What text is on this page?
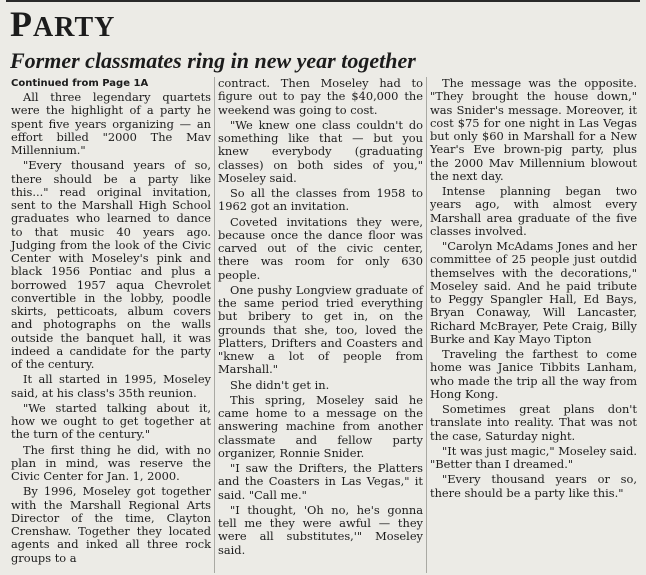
PARTY
Former classmates ring in new year together
Continued from Page 1A

All three legendary quartets were the highlight of a party he spent five years organizing — an effort billed "2000 The Mav Millennium."

"Every thousand years of so, there should be a party like this..." read original invitation, sent to the Marshall High School graduates who learned to dance to that music 40 years ago. Judging from the look of the Civic Center with Moseley's pink and black 1956 Pontiac and plus a borrowed 1957 aqua Chevrolet convertible in the lobby, poodle skirts, petticoats, album covers and photographs on the walls outside the banquet hall, it was indeed a candidate for the party of the century.

It all started in 1995, Moseley said, at his class's 35th reunion.

"We started talking about it, how we ought to get together at the turn of the century."

The first thing he did, with no plan in mind, was reserve the Civic Center for Jan. 1, 2000.

By 1996, Moseley got together with the Marshall Regional Arts Director of the time, Clayton Crenshaw. Together they located agents and inked all three rock groups to a

contract. Then Moseley had to figure out to pay the $40,000 the weekend was going to cost.

"We knew one class couldn't do something like that — but you knew everybody (graduating classes) on both sides of you," Moseley said.

So all the classes from 1958 to 1962 got an invitation.

Coveted invitations they were, because once the dance floor was carved out of the civic center, there was room for only 630 people.

One pushy Longview graduate of the same period tried everything but bribery to get in, on the grounds that she, too, loved the Platters, Drifters and Coasters and "knew a lot of people from Marshall."

She didn't get in.

This spring, Moseley said he came home to a message on the answering machine from another classmate and fellow party organizer, Ronnie Snider.

"I saw the Drifters, the Platters and the Coasters in Las Vegas," it said. "Call me."

"I thought, 'Oh no, he's gonna tell me they were awful — they were all substitutes,'" Moseley said.

The message was the opposite. "They brought the house down," was Snider's message. Moreover, it cost $75 for one night in Las Vegas but only $60 in Marshall for a New Year's Eve brown-pig party, plus the 2000 Mav Millennium blowout the next day.

Intense planning began two years ago, with almost every Marshall area graduate of the five classes involved.

"Carolyn McAdams Jones and her committee of 25 people just outdid themselves with the decorations," Moseley said. And he paid tribute to Peggy Spangler Hall, Ed Bays, Bryan Conaway, Will Lancaster, Richard McBrayer, Pete Craig, Billy Burke and Kay Mayo Tipton

Traveling the farthest to come home was Janice Tibbits Lanham, who made the trip all the way from Hong Kong.

Sometimes great plans don't translate into reality. That was not the case, Saturday night.

"It was just magic," Moseley said. "Better than I dreamed."

"Every thousand years or so, there should be a party like this."
